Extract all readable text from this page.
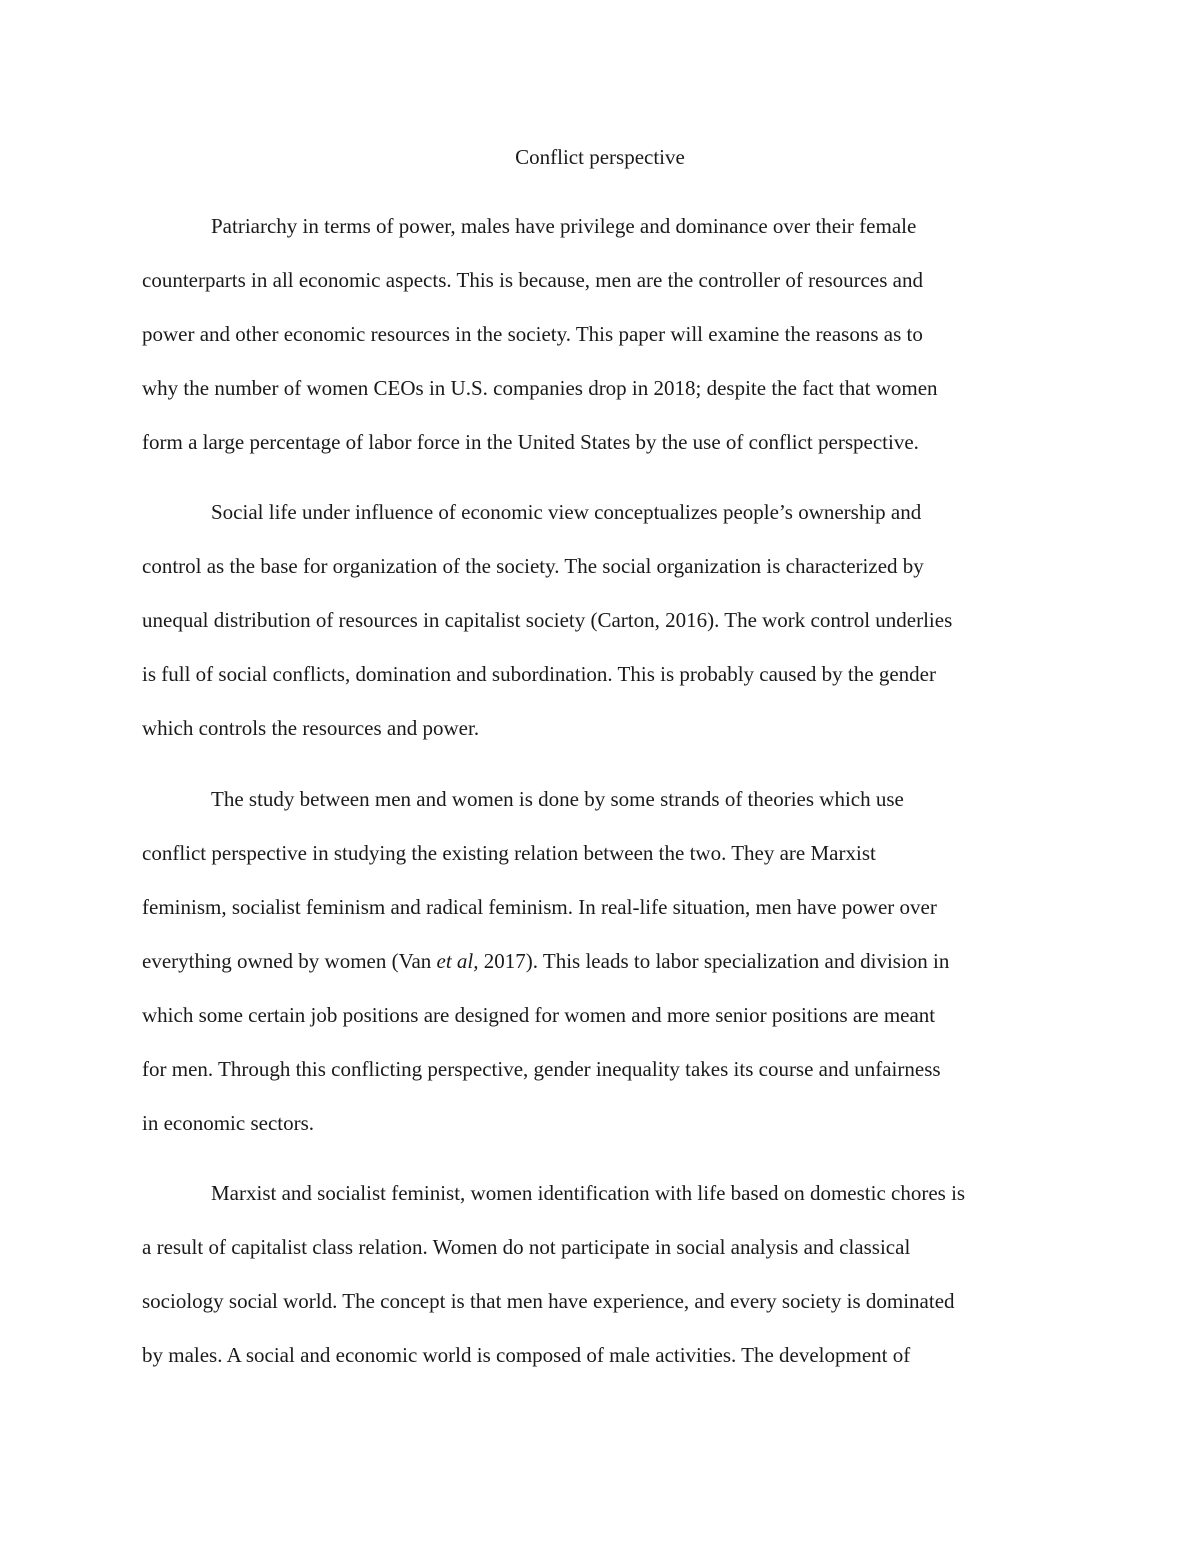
Conflict perspective
Patriarchy in terms of power, males have privilege and dominance over their female
counterparts in all economic aspects. This is because, men are the controller of resources and
power and other economic resources in the society. This paper will examine the reasons as to
why the number of women CEOs in U.S. companies drop in 2018; despite the fact that women
form a large percentage of labor force in the United States by the use of conflict perspective.
Social life under influence of economic view conceptualizes people’s ownership and
control as the base for organization of the society. The social organization is characterized by
unequal distribution of resources in capitalist society (Carton, 2016). The work control underlies
is full of social conflicts, domination and subordination. This is probably caused by the gender
which controls the resources and power.
The study between men and women is done by some strands of theories which use
conflict perspective in studying the existing relation between the two. They are Marxist
feminism, socialist feminism and radical feminism. In real-life situation, men have power over
everything owned by women (Van et al, 2017). This leads to labor specialization and division in
which some certain job positions are designed for women and more senior positions are meant
for men. Through this conflicting perspective, gender inequality takes its course and unfairness
in economic sectors.
Marxist and socialist feminist, women identification with life based on domestic chores is
a result of capitalist class relation. Women do not participate in social analysis and classical
sociology social world. The concept is that men have experience, and every society is dominated
by males. A social and economic world is composed of male activities. The development of
